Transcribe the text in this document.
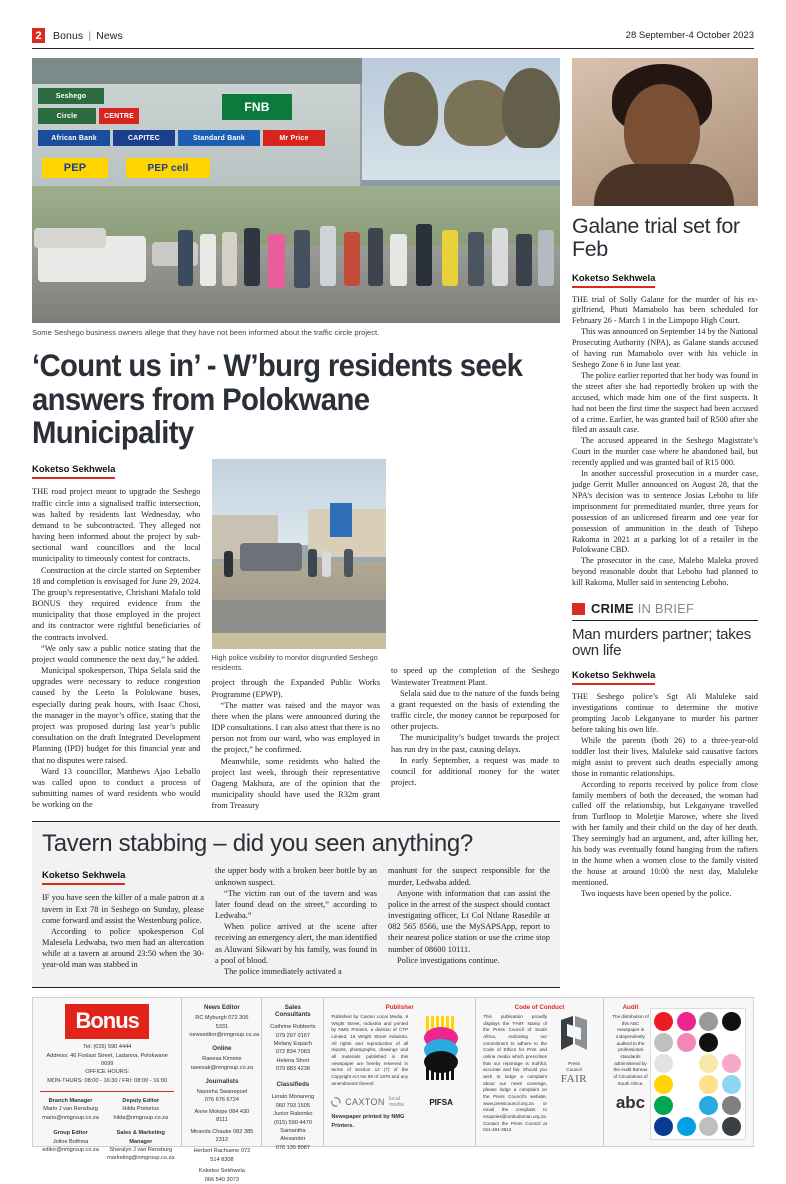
2	Bonus | News	28 September-4 October 2023
Seshego
Circle	CENTRE
FNB
African Bank	CAPITEC	Standard Bank	Mr Price
PEP	PEP cell
Some Seshego business owners allege that they have not been informed about the traffic circle project.
‘Count us in’ - W’burg residents seek answers from Polokwane Municipality
Koketso Sekhwela

THE road project meant to upgrade the Seshego traffic circle into a signalised traffic intersection, was halted by residents last Wednesday, who demand to be subcontracted. They alleged not having been informed about the project by sub-sectional ward councillors and the local municipality to timeously contest for contracts.

Construction at the circle started on September 18 and completion is envisaged for June 29, 2024. The group’s representative, Chrishani Mafalo told BONUS they required evidence from the municipality that those employed in the project and its contractor were rightful beneficiaries of the contracts involved.

“We only saw a public notice stating that the project would commence the next day,” he added.

Municipal spokesperson, Thipa Selala said the upgrades were necessary to reduce congestion caused by the Leeto la Polokwane buses, especially during peak hours, with Isaac Chosi, the manager in the mayor’s office, stating that the project was proposed during last year’s public consultation on the draft Integrated Development Planning (IPD) budget for this financial year and that no disputes were raised.

Ward 13 councillor, Matthews Ajao Leballo was called upon to conduct a process of submitting names of ward residents who would be working on the

High police visibility to monitor disgruntled Seshego residents.

project through the Expanded Public Works Programme (EPWP).

“The matter was raised and the mayor was there when the plans were announced during the IDP consultations. I can also attest that there is no person not from our ward, who was employed in the project,” he confirmed.

Meanwhile, some residents who halted the project last week, through their representative Oageng Makhura, are of the opinion that the municipality should have used the R32m grant from Treasury

to speed up the completion of the Seshego Wastewater Treatment Plant.

Selala said due to the nature of the funds being a grant requested on the basis of extending the traffic circle, the money cannot be repurposed for other projects.

The municipality’s budget towards the project has run dry in the past, causing delays.

In early September, a request was made to council for additional money for the water project.

Tavern stabbing – did you seen anything?
Koketso Sekhwela

IF you have seen the killer of a male patron at a tavern in Ext 78 in Seshego on Sunday, please come forward and assist the Westenburg police.

According to police spokesperson Col Malesela Ledwaba, two men had an altercation while at a tavern at around 23:50 when the 30-year-old man was stabbed in

the upper body with a broken beer bottle by an unknown suspect.

“The victim ran out of the tavern and was later found dead on the street,” according to Ledwaba.”

When police arrived at the scene after receiving an emergency alert, the man identified as Aluwani Sikwari by his family, was found in a pool of blood.

The police immediately activated a

manhunt for the suspect responsible for the murder, Ledwaba added.

Anyone with information that can assist the police in the arrest of the suspect should contact investigating officer, Lt Col Ntlane Rasedile at 082 565 8566, use the MySAPSApp, report to their nearest police station or use the crime stop number of 08600 10111.

Police investigations continue.

Galane trial set for Feb
Koketso Sekhwela

THE trial of Solly Galane for the murder of his ex-girlfriend, Phuti Mamabolo has been scheduled for February 26 - March 1 in the Limpopo High Court.

This was announced on September 14 by the National Prosecuting Authority (NPA), as Galane stands accused of having run Mamabolo over with his vehicle in Seshego Zone 6 in June last year.

The police earlier reported that her body was found in the street after she had reportedly broken up with the accused, which made him one of the first suspects. It had not been the first time the suspect had been accused of a crime. Earlier, he was granted bail of R500 after she filed an assault case.

The accused appeared in the Seshego Magistrate’s Court in the murder case where he abandoned bail, but recently applied and was granted bail of R15 000.

In another successful prosecution in a murder case, judge Gerrit Muller announced on August 28, that the NPA’s decision was to sentence Josias Leboho to life imprisonment for premeditated murder, three years for possession of an unlicensed firearm and one year for possession of ammunition in the death of Tshepo Rakoma in 2021 at a parking lot of a retailer in the Polokwane CBD.

The prosecutor in the case, Malebo Maleka proved beyond reasonable doubt that Leboho had planned to kill Rakoma, Muller said in sentencing Leboho.

CRIME IN BRIEF
Man murders partner; takes own life
Koketso Sekhwela

THE Seshego police’s Sgt Ali Maluleke said investigations continue to determine the motive prompting Jacob Lekganyane to murder his partner before taking his own life.

While the parents (both 26) to a three-year-old toddler lost their lives, Maluleke said causative factors might assist to prevent such deaths especially among those in romantic relationships.

According to reports received by police from close family members of both the deceased, the woman had called off the relationship, but Lekganyane travelled from Turfloop to Moletjie Marowe, where she lived with her family and their child on the day of her death. They seemingly had an argument, and, after killing her, his body was eventually found hanging from the rafters in the home when a women close to the family visited the house at around 10:00 the next day, Maluleke mentioned.

Two inquests have been opened by the police.

Bonus
Tel: (015) 590 4444
Address: 46 Foxlast Street, Ladanna, Polokwane 0699
OFFICE HOURS:
MON-THURS: 08:00 - 16:30 / FRI: 08:00 - 16:00
Branch Manager
Mario J van Rensburg
mario@nmgroup.co.za
Group Editor
Joline Bothma
editor@nmgroup.co.za
Deputy Editor
Hilda Pretorius
hilda@nmgroup.co.za
Sales & Marketing Manager
Sheralyn J van Rensburg
marketing@nmgroup.co.za
News Editor
RC Myburgh 072 306 5331
newseditor@nmgroup.co.za
Online
Raeesa Kimmie
raeesak@nmgroup.co.za
Journalists
Nasreha Swanepoel
076 676 6724
Anne Molope 084 430 8111
Miranda Chauke 082 385 2312
Herbert Rachuene 072 514 8308
Koketso Sekhwela
066 540 3073
Sales Consultants
Cathrine Robberts
079 297 0167
Melany Espach
072 834 7083
Helena Short
079 883 4238
Classifieds
Lerato Monareng
060 793 1505
Junior Rabonko
(015) 590 4470
Samantha Alexander
076 135 8087
Publisher
Published by Caxton Local Media, 9 Wright Street, Industria and printed by NMG Printers, a division of CTP Limited, 16 Wright Street Industria. All rights and reproduction of all reports, photographs, drawings and all materials published in this newspaper are hereby reserved in terms of Section 12 (7) of the Copyright Act No 98 of 1978 and any amendments thereof.
CAXTON local media
Newspaper printed by NMG Printers.
PIFSA
Code of Conduct
This publication proudly displays the 'FAIR' stamp of the Press Council of South Africa, indicating our commitment to adhere to the Code of Ethics for Print and online media which prescribes that our reportage is truthful, accurate and fair. Should you wish to lodge a complaint about our news coverage, please lodge a complaint on the Press Council's website, www.presscouncil.org.za or email the complaint to enquiries@ombudsman.org.za. Contact the Press Council at 011-484-3612.
Press
Council
FAIR
Audit
The distribution of this ABC newspaper is independently audited to the professional standards administered by the Audit Bureau of Circulations of South Africa.
abc
